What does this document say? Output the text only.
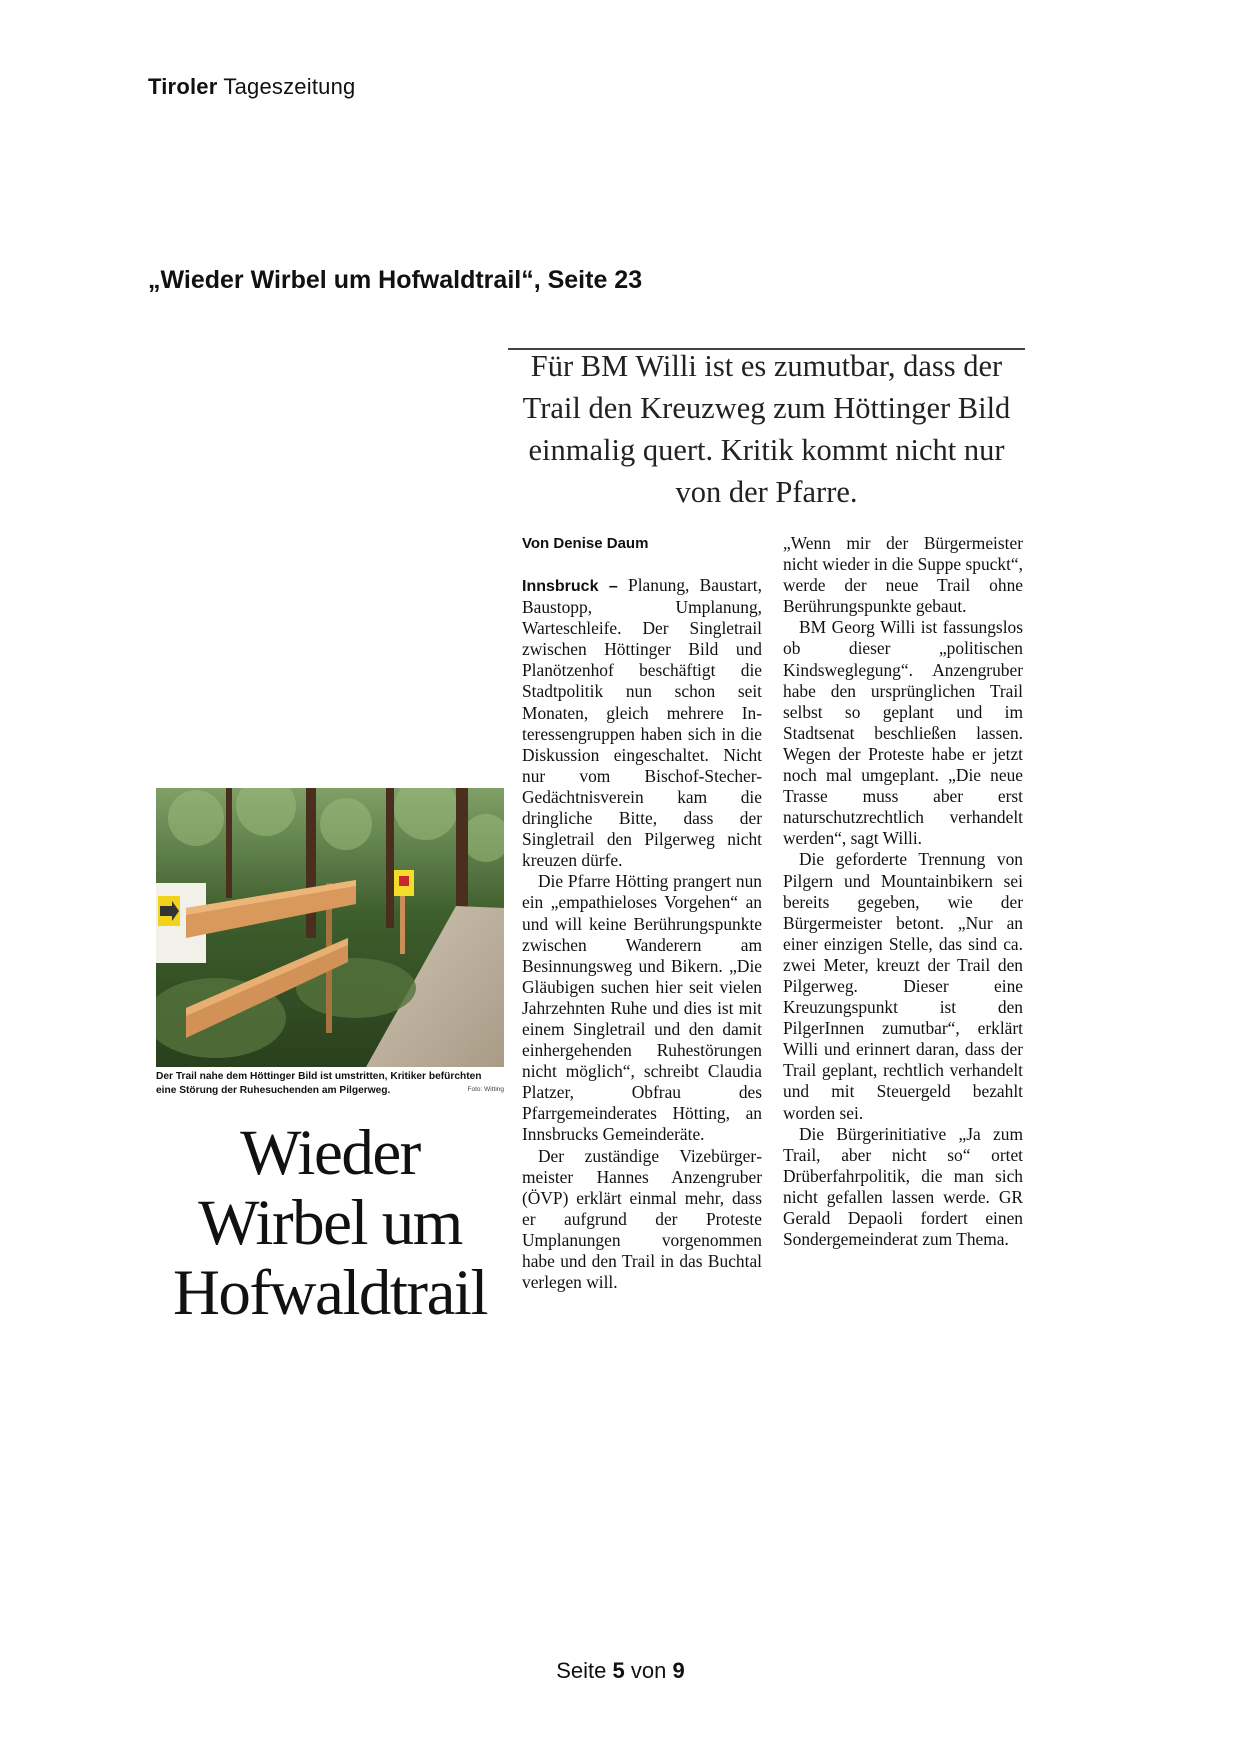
Tiroler Tageszeitung
„Wieder Wirbel um Hofwaldtrail“, Seite 23
Der Trail nahe dem Höttinger Bild ist umstritten, Kritiker befürchten eine Störung der Ruhesuchenden am Pilgerweg.	Foto: Witting
Wieder
Wirbel um
Hofwaldtrail
Für BM Willi ist es zumutbar, dass der Trail den Kreuzweg zum Höttinger Bild einmalig quert. Kritik kommt nicht nur von der Pfarre.
Von Denise Daum

Innsbruck – Planung, Baustart, Baustopp, Umplanung, Warteschleife. Der Singletrail zwischen Höttinger Bild und Planötzenhof beschäftigt die Stadtpolitik nun schon seit Monaten, gleich mehrere Interessengruppen haben sich in die Diskussion eingeschaltet. Nicht nur vom Bischof-Stecher-Gedächtnisverein kam die dringliche Bitte, dass der Singletrail den Pilgerweg nicht kreuzen dürfe.

Die Pfarre Hötting prangert nun ein „empathieloses Vorgehen“ an und will keine Berührungspunkte zwischen Wanderern am Besinnungsweg und Bikern. „Die Gläubigen suchen hier seit vielen Jahrzehnten Ruhe und dies ist mit einem Singletrail und den damit einhergehenden Ruhestörungen nicht möglich“, schreibt Claudia Platzer, Obfrau des Pfarrgemeinderates Hötting, an Innsbrucks Gemeinderäte.

Der zuständige Vizebürgermeister Hannes Anzengruber (ÖVP) erklärt einmal mehr, dass er aufgrund der Proteste Umplanungen vorgenommen habe und den Trail in das Buchtal verlegen will.

„Wenn mir der Bürgermeister nicht wieder in die Suppe spuckt“, werde der neue Trail ohne Berührungspunkte gebaut.

BM Georg Willi ist fassungslos ob dieser „politischen Kindsweglegung“. Anzengruber habe den ursprünglichen Trail selbst so geplant und im Stadtsenat beschließen lassen. Wegen der Proteste habe er jetzt noch mal umgeplant. „Die neue Trasse muss aber erst naturschutzrechtlich verhandelt werden“, sagt Willi.

Die geforderte Trennung von Pilgern und Mountainbikern sei bereits gegeben, wie der Bürgermeister betont. „Nur an einer einzigen Stelle, das sind ca. zwei Meter, kreuzt der Trail den Pilgerweg. Dieser eine Kreuzungspunkt ist den PilgerInnen zumutbar“, erklärt Willi und erinnert daran, dass der Trail geplant, rechtlich verhandelt und mit Steuergeld bezahlt worden sei.

Die Bürgerinitiative „Ja zum Trail, aber nicht so“ ortet Drüberfahrpolitik, die man sich nicht gefallen lassen werde. GR Gerald Depaoli fordert einen Sondergemeinderat zum Thema.

Seite 5 von 9
